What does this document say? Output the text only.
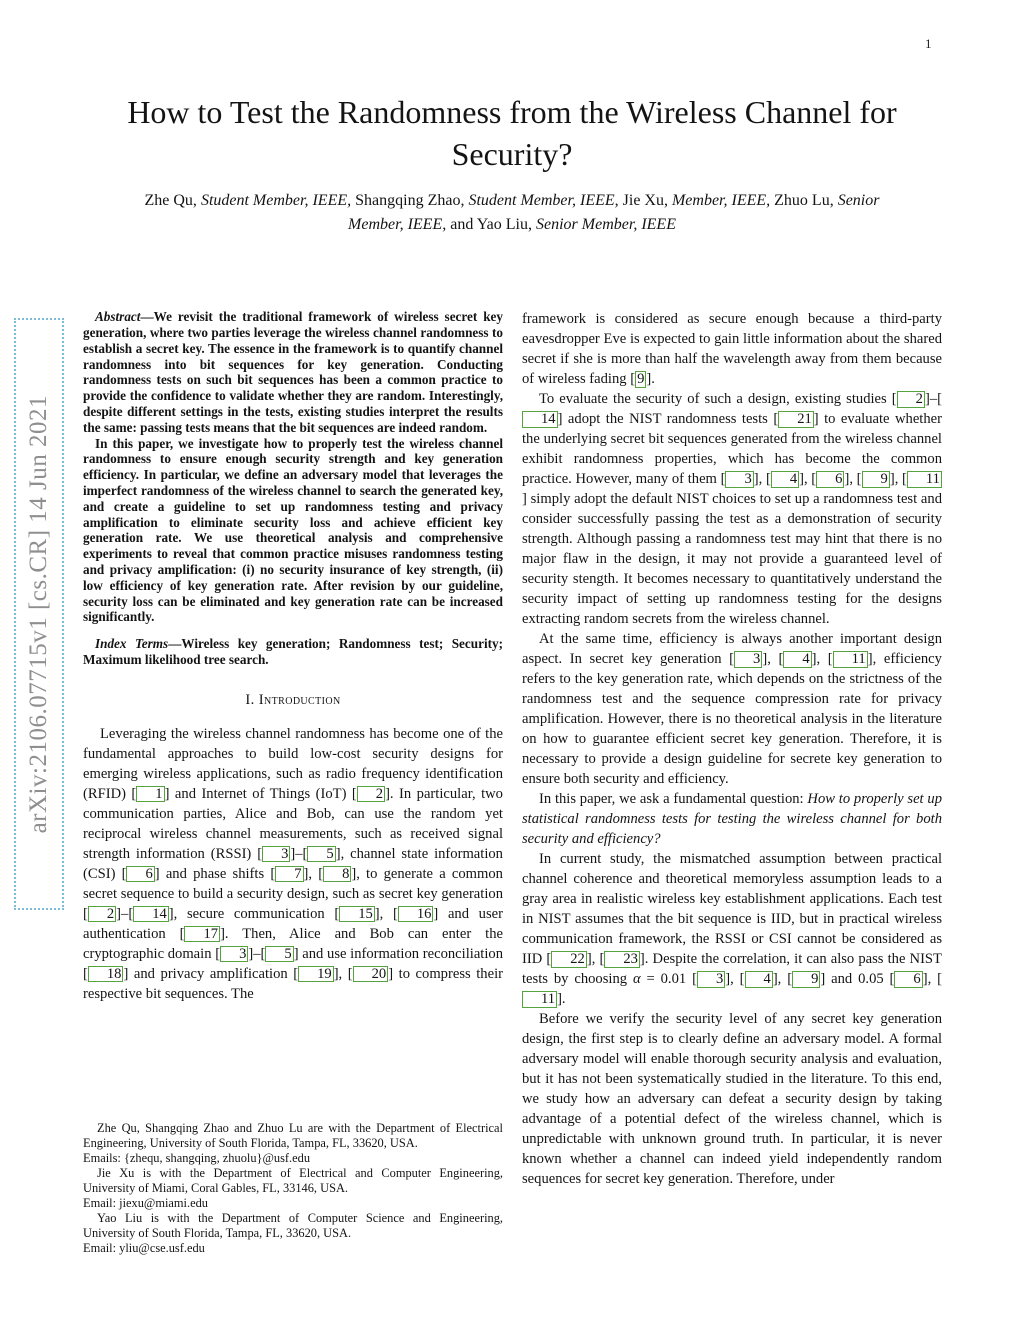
1
arXiv:2106.07715v1 [cs.CR] 14 Jun 2021
How to Test the Randomness from the Wireless Channel for Security?
Zhe Qu, Student Member, IEEE, Shangqing Zhao, Student Member, IEEE, Jie Xu, Member, IEEE, Zhuo Lu, Senior Member, IEEE, and Yao Liu, Senior Member, IEEE

Abstract—We revisit the traditional framework of wireless secret key generation, where two parties leverage the wireless channel randomness to establish a secret key. The essence in the framework is to quantify channel randomness into bit sequences for key generation. Conducting randomness tests on such bit sequences has been a common practice to provide the confidence to validate whether they are random. Interestingly, despite different settings in the tests, existing studies interpret the results the same: passing tests means that the bit sequences are indeed random.

In this paper, we investigate how to properly test the wireless channel randomness to ensure enough security strength and key generation efficiency. In particular, we define an adversary model that leverages the imperfect randomness of the wireless channel to search the generated key, and create a guideline to set up randomness testing and privacy amplification to eliminate security loss and achieve efficient key generation rate. We use theoretical analysis and comprehensive experiments to reveal that common practice misuses randomness testing and privacy amplification: (i) no security insurance of key strength, (ii) low efficiency of key generation rate. After revision by our guideline, security loss can be eliminated and key generation rate can be increased significantly.

Index Terms—Wireless key generation; Randomness test; Security; Maximum likelihood tree search.

I. Introduction

Leveraging the wireless channel randomness has become one of the fundamental approaches to build low-cost security designs for emerging wireless applications, such as radio frequency identification (RFID) [ 1 ] and Internet of Things (IoT) [ 2 ]. In particular, two communication parties, Alice and Bob, can use the random yet reciprocal wireless channel measurements, such as received signal strength information (RSSI) [ 3 ]–[ 5 ], channel state information (CSI) [ 6 ] and phase shifts [ 7 ], [ 8 ], to generate a common secret sequence to build a security design, such as secret key generation [ 2 ]–[ 14 ], secure communication [ 15 ], [ 16 ] and user authentication [ 17 ]. Then, Alice and Bob can enter the cryptographic domain [ 3 ]–[ 5 ] and use information reconciliation [ 18 ] and privacy amplification [ 19 ], [ 20 ] to compress their respective bit sequences. The

Zhe Qu, Shangqing Zhao and Zhuo Lu are with the Department of Electrical Engineering, University of South Florida, Tampa, FL, 33620, USA.
Emails: {zhequ, shangqing, zhuolu}@usf.edu
Jie Xu is with the Department of Electrical and Computer Engineering, University of Miami, Coral Gables, FL, 33146, USA.
Email: jiexu@miami.edu
Yao Liu is with the Department of Computer Science and Engineering, University of South Florida, Tampa, FL, 33620, USA.
Email: yliu@cse.usf.edu

framework is considered as secure enough because a third-party eavesdropper Eve is expected to gain little information about the shared secret if she is more than half the wavelength away from them because of wireless fading [ 9 ].

To evaluate the security of such a design, existing studies [ 2 ]–[14 ] adopt the NIST randomness tests [ 21 ] to evaluate whether the underlying secret bit sequences generated from the wireless channel exhibit randomness properties, which has become the common practice. However, many of them [ 3 ], [ 4 ], [ 6 ], [ 9 ], [ 11] simply adopt the default NIST choices to set up a randomness test and consider successfully passing the test as a demonstration of security strength. Although passing a randomness test may hint that there is no major flaw in the design, it may not provide a guaranteed level of security stength. It becomes necessary to quantitatively understand the security impact of setting up randomness testing for the designs extracting random secrets from the wireless channel.

At the same time, efficiency is always another important design aspect. In secret key generation [ 3 ], [ 4 ], [ 11 ], efficiency refers to the key generation rate, which depends on the strictness of the randomness test and the sequence compression rate for privacy amplification. However, there is no theoretical analysis in the literature on how to guarantee efficient secret key generation. Therefore, it is necessary to provide a design guideline for secrete key generation to ensure both security and efficiency.

In this paper, we ask a fundamental question: How to properly set up statistical randomness tests for testing the wireless channel for both security and efficiency?

In current study, the mismatched assumption between practical channel coherence and theoretical memoryless assumption leads to a gray area in realistic wireless key establishment applications. Each test in NIST assumes that the bit sequence is IID, but in practical wireless communication framework, the RSSI or CSI cannot be considered as IID [ 22 ], [ 23 ]. Despite the correlation, it can also pass the NIST tests by choosing α = 0.01 [ 3 ], [ 4 ], [ 9 ] and 0.05 [ 6 ], [11 ].

Before we verify the security level of any secret key generation design, the first step is to clearly define an adversary model. A formal adversary model will enable thorough security analysis and evaluation, but it has not been systematically studied in the literature. To this end, we study how an adversary can defeat a security design by taking advantage of a potential defect of the wireless channel, which is unpredictable with unknown ground truth. In particular, it is never known whether a channel can indeed yield independently random sequences for secret key generation. Therefore, under
